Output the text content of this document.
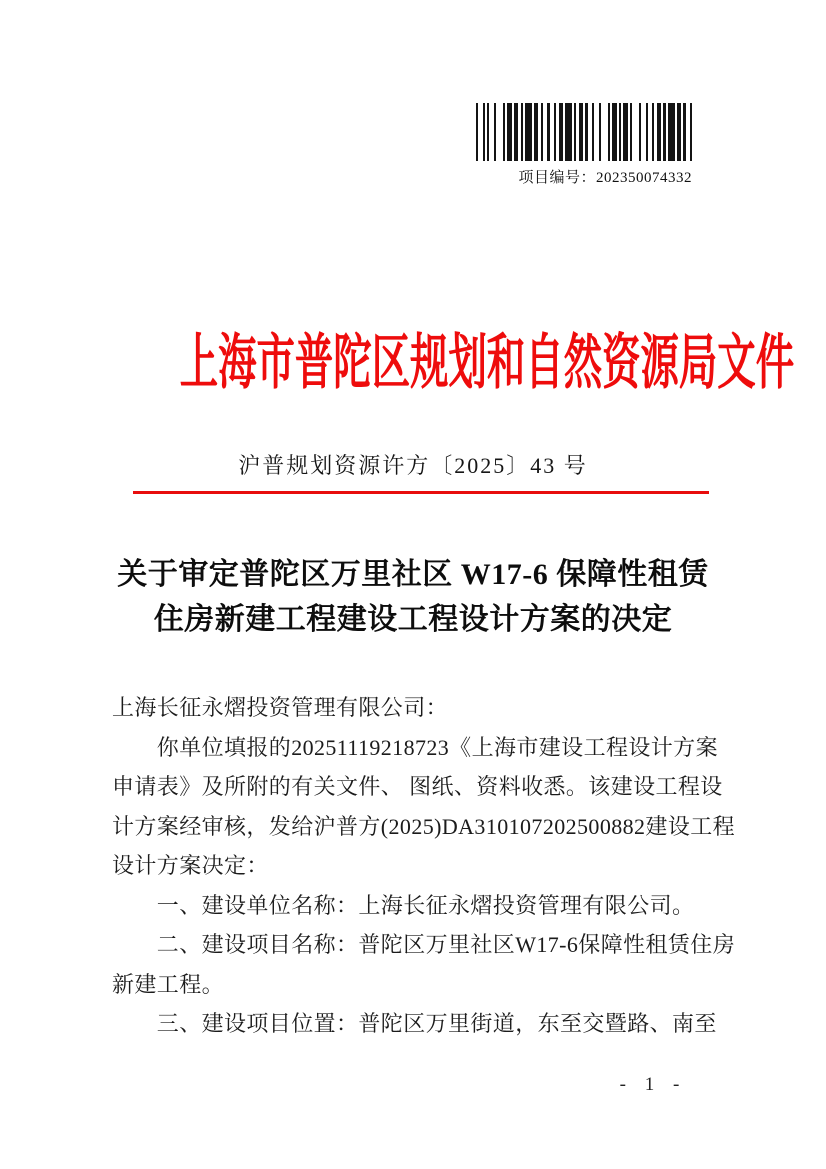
项目编号：202350074332
上海市普陀区规划和自然资源局文件
沪普规划资源许方〔2025〕43 号
关于审定普陀区万里社区 W17-6 保障性租赁
住房新建工程建设工程设计方案的决定
上海长征永熠投资管理有限公司：
　　你单位填报的20251119218723《上海市建设工程设计方案
申请表》及所附的有关文件、 图纸、资料收悉。该建设工程设
计方案经审核，发给沪普方(2025)DA310107202500882建设工程
设计方案决定：
　　一、建设单位名称：上海长征永熠投资管理有限公司。
　　二、建设项目名称：普陀区万里社区W17-6保障性租赁住房
新建工程。
　　三、建设项目位置：普陀区万里街道，东至交暨路、南至
- 1 -
